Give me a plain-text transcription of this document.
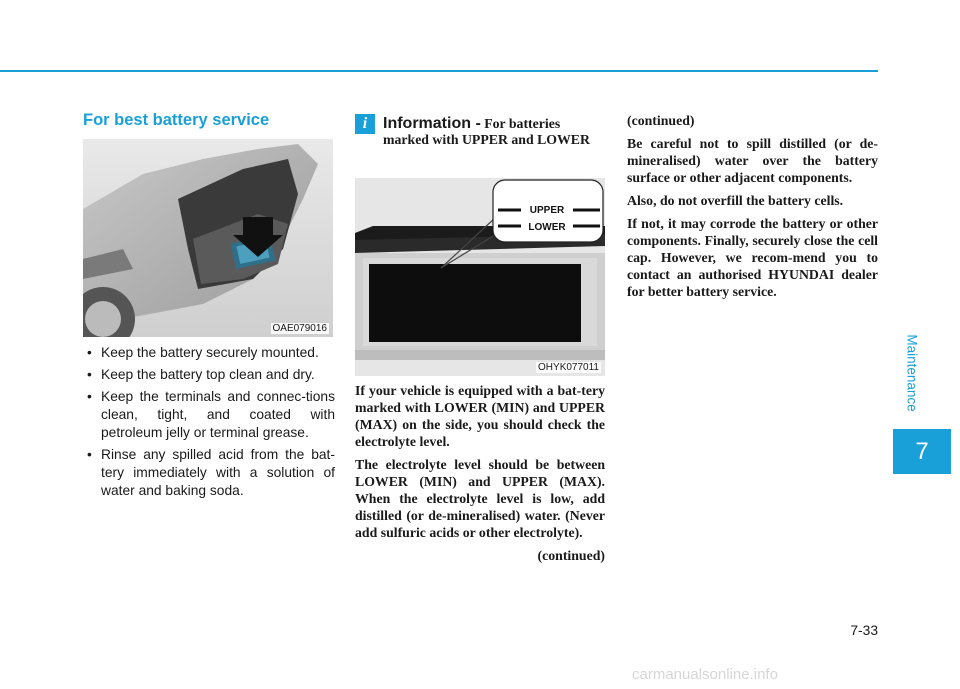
For best battery service
OAE079016
• Keep the battery securely mounted.
• Keep the battery top clean and dry.
• Keep the terminals and connec-tions clean, tight, and coated with petroleum jelly or terminal grease.
• Rinse any spilled acid from the bat-tery immediately with a solution of water and baking soda.
i Information - For batteries marked with UPPER and LOWER
UPPER
LOWER
OHYK077011

If your vehicle is equipped with a bat-tery marked with LOWER (MIN) and UPPER (MAX) on the side, you should check the electrolyte level.

The electrolyte level should be between LOWER (MIN) and UPPER (MAX). When the electrolyte level is low, add distilled (or de-mineralised) water. (Never add sulfuric acids or other electrolyte).

(continued)

(continued)

Be careful not to spill distilled (or de-mineralised) water over the battery surface or other adjacent components.

Also, do not overfill the battery cells.

If not, it may corrode the battery or other components. Finally, securely close the cell cap. However, we recom-mend you to contact an authorised HYUNDAI dealer for better battery service.

Maintenance
7
7-33
carmanualsonline.info
